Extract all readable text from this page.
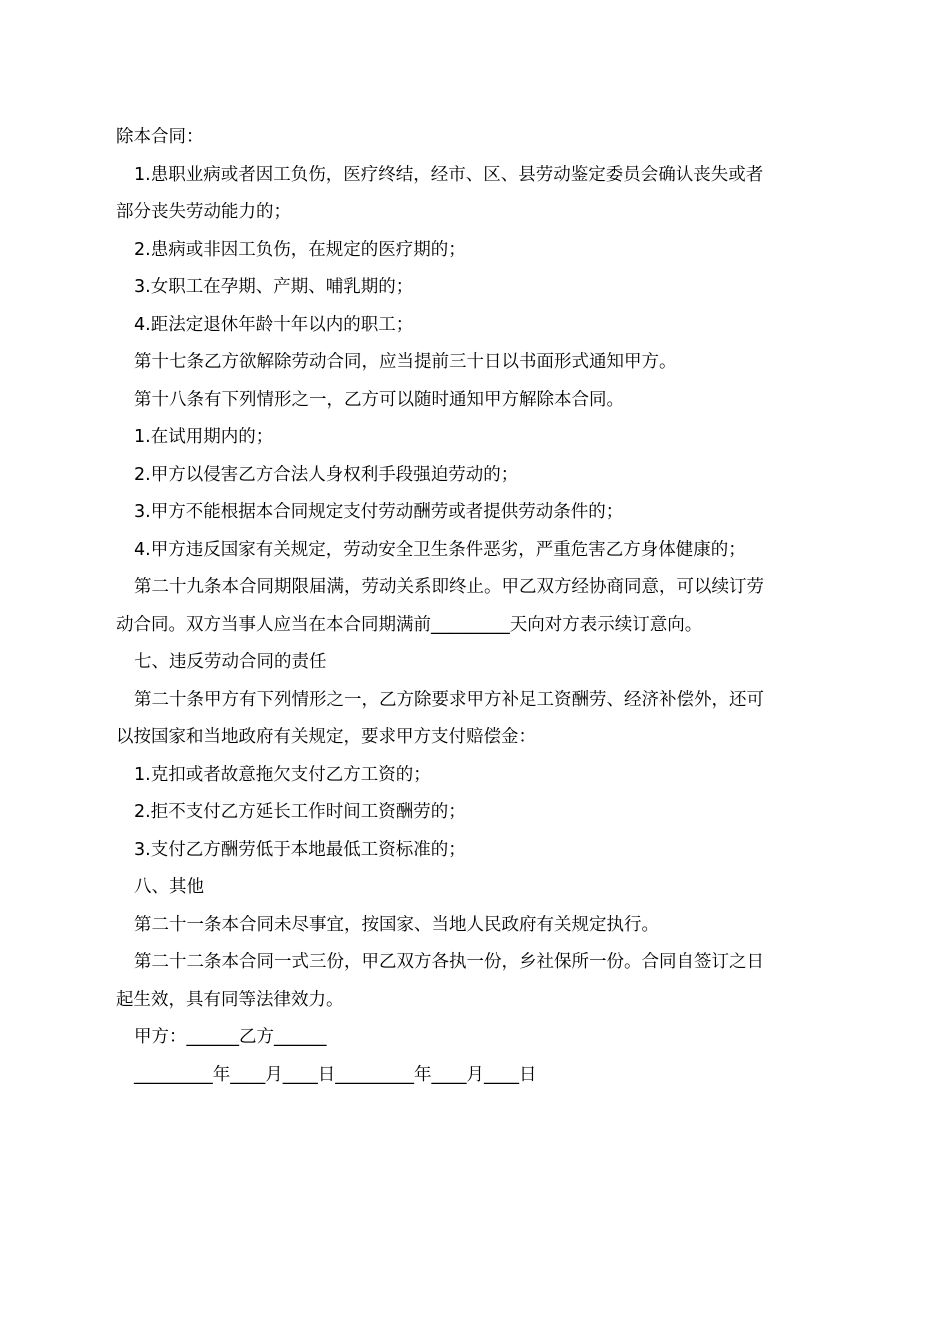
除本合同：

1.患职业病或者因工负伤，医疗终结，经市、区、县劳动鉴定委员会确认丧失或者
部分丧失劳动能力的；

2.患病或非因工负伤，在规定的医疗期的；

3.女职工在孕期、产期、哺乳期的；

4.距法定退休年龄十年以内的职工；

第十七条乙方欲解除劳动合同，应当提前三十日以书面形式通知甲方。

第十八条有下列情形之一，乙方可以随时通知甲方解除本合同。

1.在试用期内的；

2.甲方以侵害乙方合法人身权利手段强迫劳动的；

3.甲方不能根据本合同规定支付劳动酬劳或者提供劳动条件的；

4.甲方违反国家有关规定，劳动安全卫生条件恶劣，严重危害乙方身体健康的；

第二十九条本合同期限届满，劳动关系即终止。甲乙双方经协商同意，可以续订劳
动合同。双方当事人应当在本合同期满前_________天向对方表示续订意向。

七、违反劳动合同的责任

第二十条甲方有下列情形之一，乙方除要求甲方补足工资酬劳、经济补偿外，还可
以按国家和当地政府有关规定，要求甲方支付赔偿金：

1.克扣或者故意拖欠支付乙方工资的；

2.拒不支付乙方延长工作时间工资酬劳的；

3.支付乙方酬劳低于本地最低工资标准的；

八、其他

第二十一条本合同未尽事宜，按国家、当地人民政府有关规定执行。

第二十二条本合同一式三份，甲乙双方各执一份，乡社保所一份。合同自签订之日
起生效，具有同等法律效力。

甲方：______乙方______

_________年____月____日_________年____月____日
